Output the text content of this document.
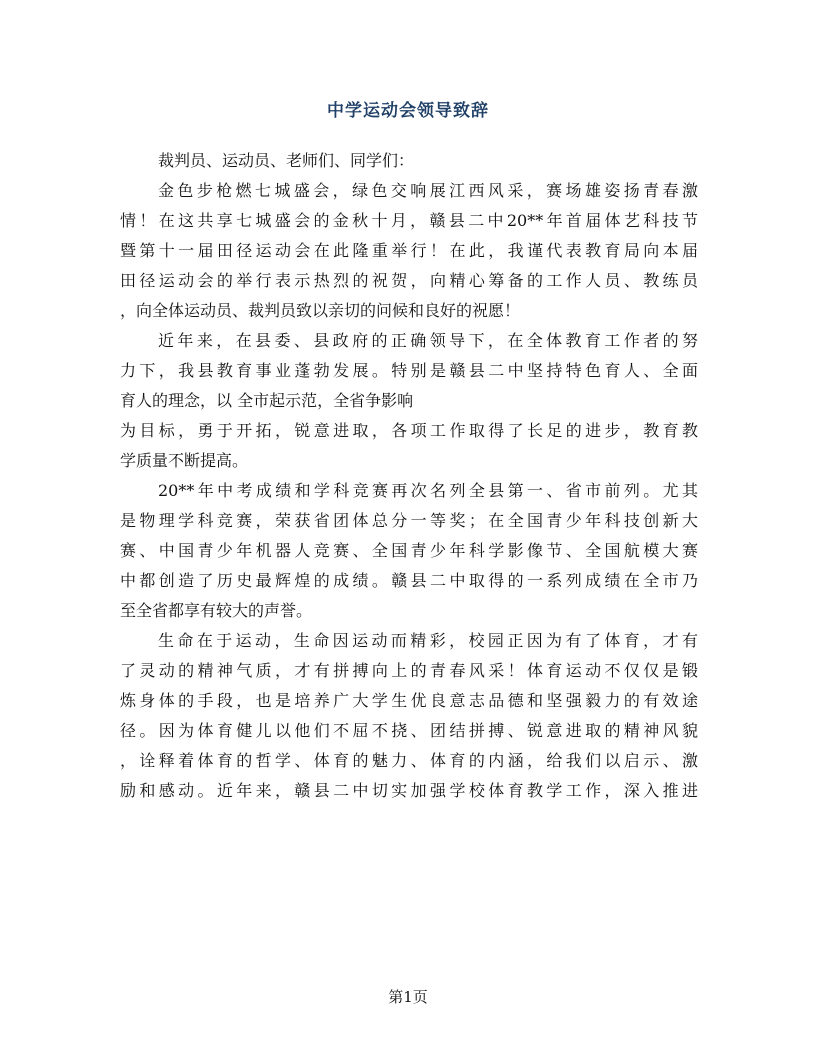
中学运动会领导致辞
裁判员、运动员、老师们、同学们：
金色步枪燃七城盛会，绿色交响展江西风采，赛场雄姿扬青春激
情！在这共享七城盛会的金秋十月，赣县二中20**年首届体艺科技节
暨第十一届田径运动会在此隆重举行！在此，我谨代表教育局向本届
田径运动会的举行表示热烈的祝贺，向精心筹备的工作人员、教练员
，向全体运动员、裁判员致以亲切的问候和良好的祝愿！
近年来，在县委、县政府的正确领导下，在全体教育工作者的努
力下，我县教育事业蓬勃发展。特别是赣县二中坚持特色育人、全面
育人的理念，以 全市起示范，全省争影响
为目标，勇于开拓，锐意进取，各项工作取得了长足的进步，教育教
学质量不断提高。
20**年中考成绩和学科竞赛再次名列全县第一、省市前列。尤其
是物理学科竞赛，荣获省团体总分一等奖；在全国青少年科技创新大
赛、中国青少年机器人竞赛、全国青少年科学影像节、全国航模大赛
中都创造了历史最辉煌的成绩。赣县二中取得的一系列成绩在全市乃
至全省都享有较大的声誉。
生命在于运动，生命因运动而精彩，校园正因为有了体育，才有
了灵动的精神气质，才有拼搏向上的青春风采！体育运动不仅仅是锻
炼身体的手段，也是培养广大学生优良意志品德和坚强毅力的有效途
径。因为体育健儿以他们不屈不挠、团结拼搏、锐意进取的精神风貌
，诠释着体育的哲学、体育的魅力、体育的内涵，给我们以启示、激
励和感动。近年来，赣县二中切实加强学校体育教学工作，深入推进
第1页
